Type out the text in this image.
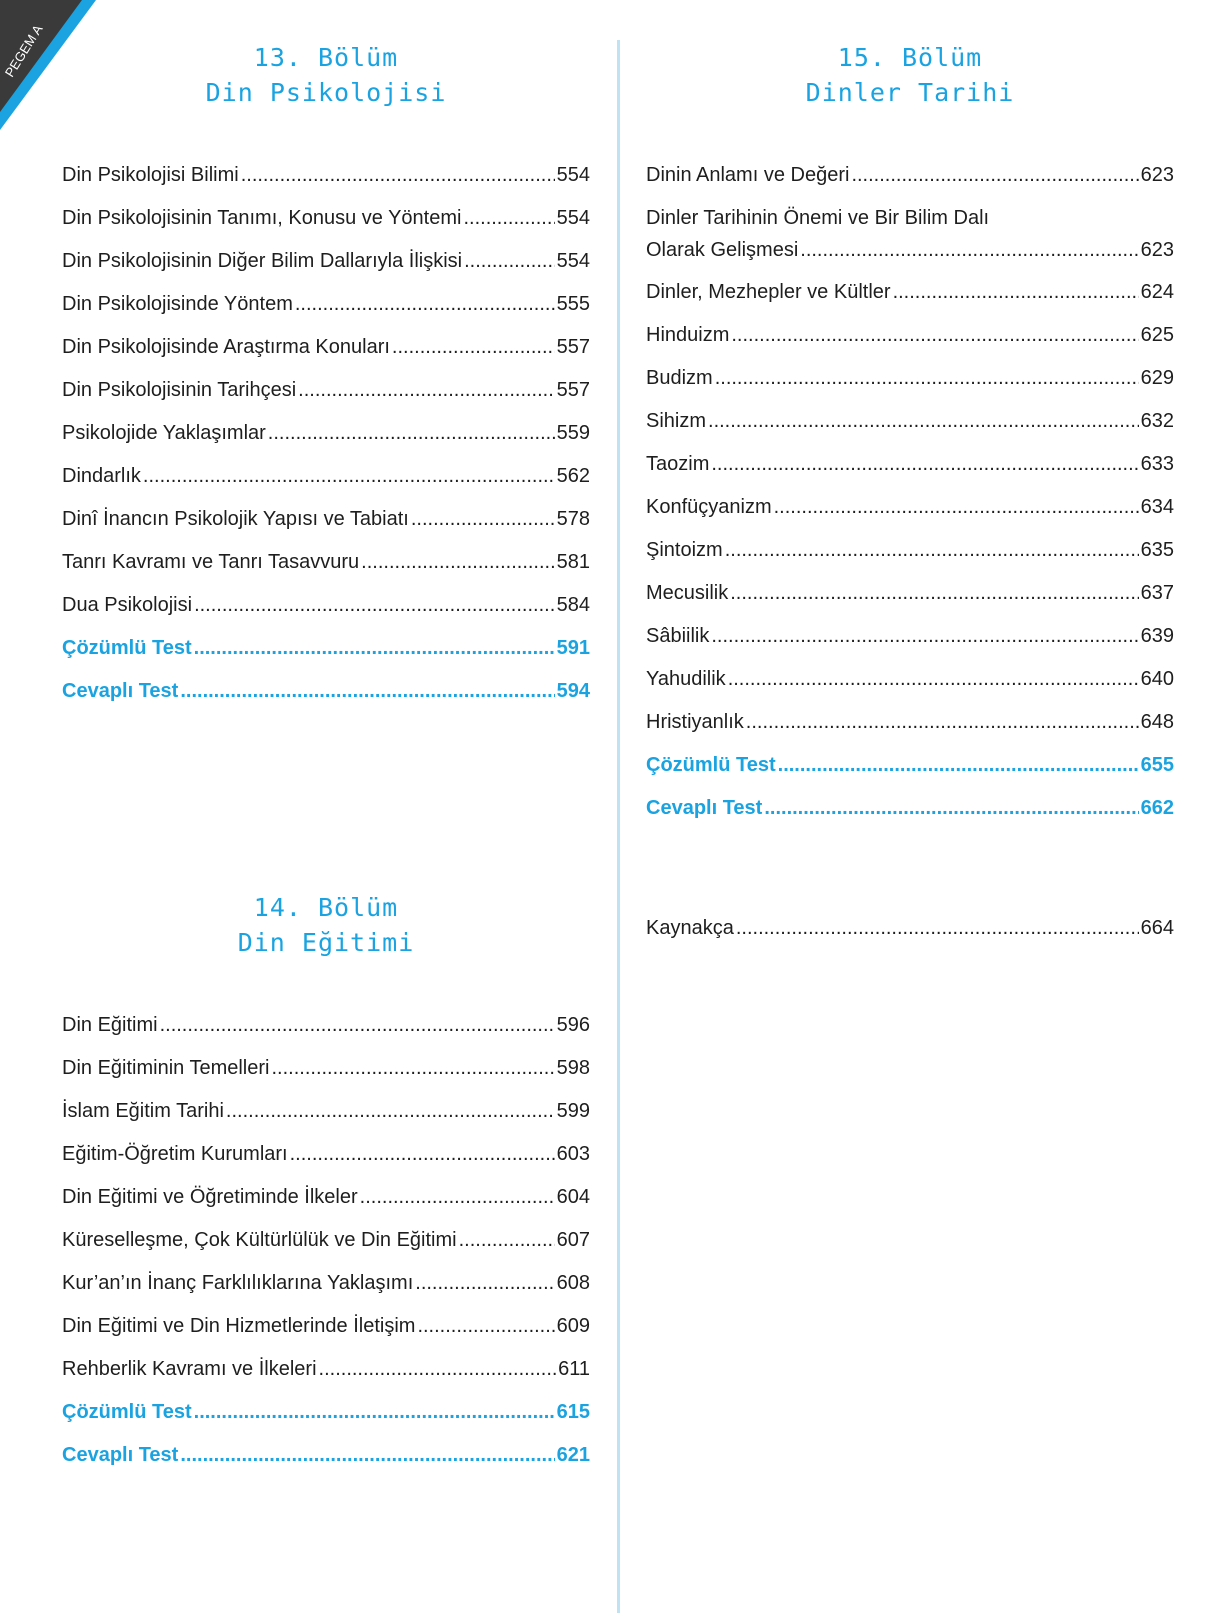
PEGEM A	13. Bölüm
Din Psikolojisi
Din Psikolojisi Bilimi .....	554
Din Psikolojisinin Tanımı, Konusu ve Yöntemi .....	554
Din Psikolojisinin Diğer Bilim Dallarıyla İlişkisi .....	554
Din Psikolojisinde Yöntem .....	555
Din Psikolojisinde Araştırma Konuları .....	557
Din Psikolojisinin Tarihçesi .....	557
Psikolojide Yaklaşımlar .....	559
Dindarlık .....	562
Dinî İnancın Psikolojik Yapısı ve Tabiatı .....	578
Tanrı Kavramı ve Tanrı Tasavvuru .....	581
Dua Psikolojisi .....	584
Çözümlü Test .....	591
Cevaplı Test .....	594
14. Bölüm
Din Eğitimi
Din Eğitimi .....	596
Din Eğitiminin Temelleri .....	598
İslam Eğitim Tarihi .....	599
Eğitim-Öğretim Kurumları .....	603
Din Eğitimi ve Öğretiminde İlkeler .....	604
Küreselleşme, Çok Kültürlülük ve Din Eğitimi .....	607
Kur’an’ın İnanç Farklılıklarına Yaklaşımı .....	608
Din Eğitimi ve Din Hizmetlerinde İletişim .....	609
Rehberlik Kavramı ve İlkeleri .....	611
Çözümlü Test .....	615
Cevaplı Test .....	621
15. Bölüm
Dinler Tarihi
Dinin Anlamı ve Değeri .....	623
Dinler Tarihinin Önemi ve Bir Bilim Dalı
Olarak Gelişmesi .....	623
Dinler, Mezhepler ve Kültler .....	624
Hinduizm .....	625
Budizm .....	629
Sihizm .....	632
Taozim .....	633
Konfüçyanizm .....	634
Şintoizm .....	635
Mecusilik .....	637
Sâbiilik .....	639
Yahudilik .....	640
Hristiyanlık .....	648
Çözümlü Test .....	655
Cevaplı Test .....	662
Kaynakça .....	664
